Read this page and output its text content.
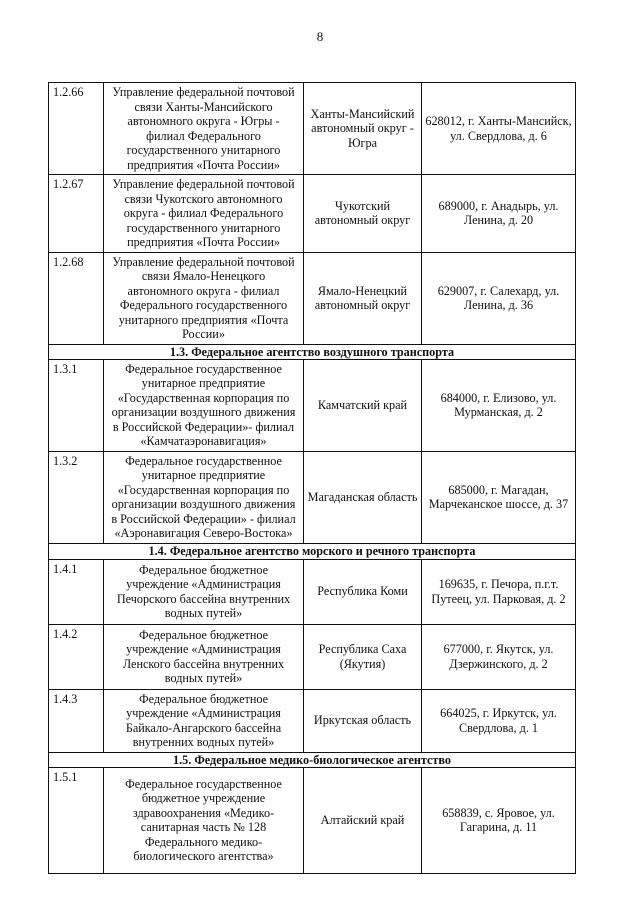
8
1.2.66	Управление федеральной почтовой связи Ханты-Мансийского автономного округа - Югры - филиал Федерального государственного унитарного предприятия «Почта России»	Ханты-Мансийский автономный округ - Югра	628012, г. Ханты-Мансийск, ул. Свердлова, д. 6
1.2.67	Управление федеральной почтовой связи Чукотского автономного округа - филиал Федерального государственного унитарного предприятия «Почта России»	Чукотский автономный округ	689000, г. Анадырь, ул. Ленина, д. 20
1.2.68	Управление федеральной почтовой связи Ямало-Ненецкого автономного округа - филиал Федерального государственного унитарного предприятия «Почта России»	Ямало-Ненецкий автономный округ	629007, г. Салехард, ул. Ленина, д. 36
1.3. Федеральное агентство воздушного транспорта			
1.3.1	Федеральное государственное унитарное предприятие «Государственная корпорация по организации воздушного движения в Российской Федерации»- филиал «Камчатаэронавигация»	Камчатский край	684000, г. Елизово, ул. Мурманская, д. 2
1.3.2	Федеральное государственное унитарное предприятие «Государственная корпорация по организации воздушного движения в Российской Федерации» - филиал «Аэронавигация Северо-Востока»	Магаданская область	685000, г. Магадан, Марчеканское шоссе, д. 37
1.4. Федеральное агентство морского и речного транспорта			
1.4.1	Федеральное бюджетное учреждение «Администрация Печорского бассейна внутренних водных путей»	Республика Коми	169635, г. Печора, п.г.т. Путеец, ул. Парковая, д. 2
1.4.2	Федеральное бюджетное учреждение «Администрация Ленского бассейна внутренних водных путей»	Республика Саха (Якутия)	677000, г. Якутск, ул. Дзержинского, д. 2
1.4.3	Федеральное бюджетное учреждение «Администрация Байкало-Ангарского бассейна внутренних водных путей»	Иркутская область	664025, г. Иркутск, ул. Свердлова, д. 1
1.5. Федеральное медико-биологическое агентство			
1.5.1	Федеральное государственное бюджетное учреждение здравоохранения «Медико-санитарная часть № 128 Федерального медико-биологического агентства»	Алтайский край	658839, с. Яровое, ул. Гагарина, д. 11
